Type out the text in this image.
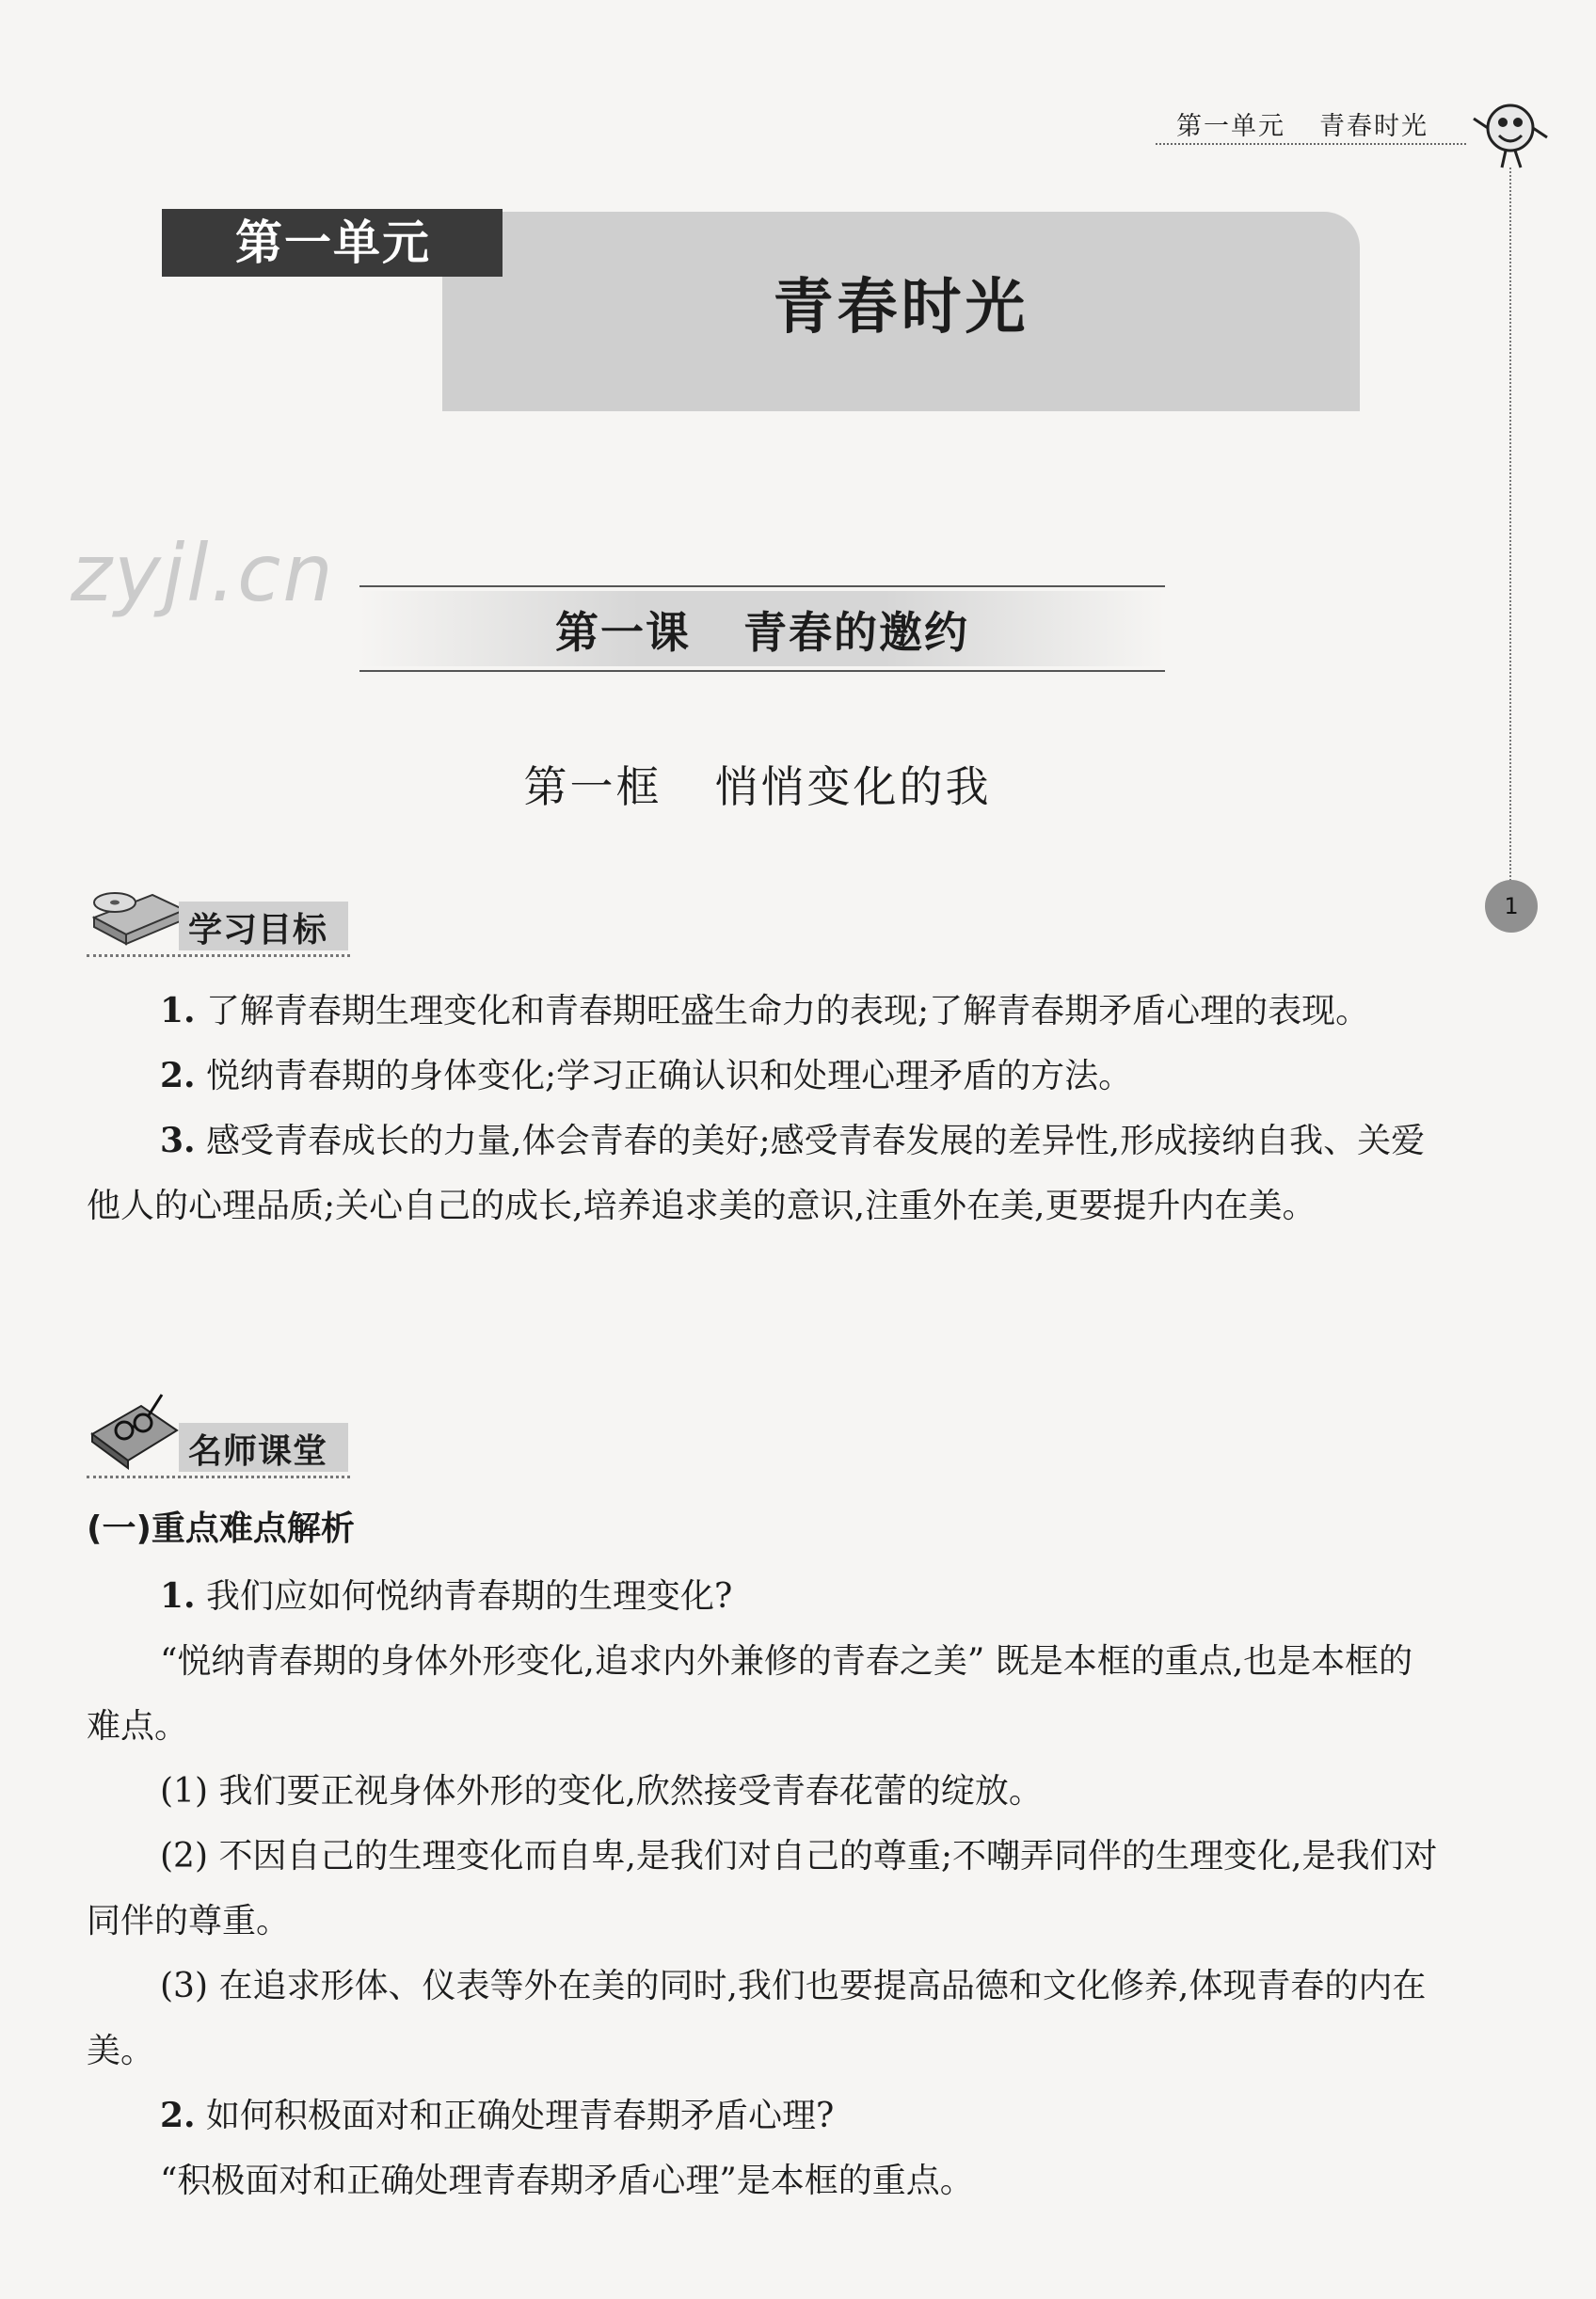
第一单元 青春时光
第一单元
青春时光
zyjl.cn
第一课 青春的邀约
第一框 悄悄变化的我
1
学习目标

1. 了解青春期生理变化和青春期旺盛生命力的表现;了解青春期矛盾心理的表现。

2. 悦纳青春期的身体变化;学习正确认识和处理心理矛盾的方法。

3. 感受青春成长的力量,体会青春的美好;感受青春发展的差异性,形成接纳自我、关爱他人的心理品质;关心自己的成长,培养追求美的意识,注重外在美,更要提升内在美。

名师课堂
(一)重点难点解析

1. 我们应如何悦纳青春期的生理变化?

“悦纳青春期的身体外形变化,追求内外兼修的青春之美” 既是本框的重点,也是本框的难点。

(1) 我们要正视身体外形的变化,欣然接受青春花蕾的绽放。

(2) 不因自己的生理变化而自卑,是我们对自己的尊重;不嘲弄同伴的生理变化,是我们对同伴的尊重。

(3) 在追求形体、仪表等外在美的同时,我们也要提高品德和文化修养,体现青春的内在美。

2. 如何积极面对和正确处理青春期矛盾心理?

“积极面对和正确处理青春期矛盾心理”是本框的重点。
